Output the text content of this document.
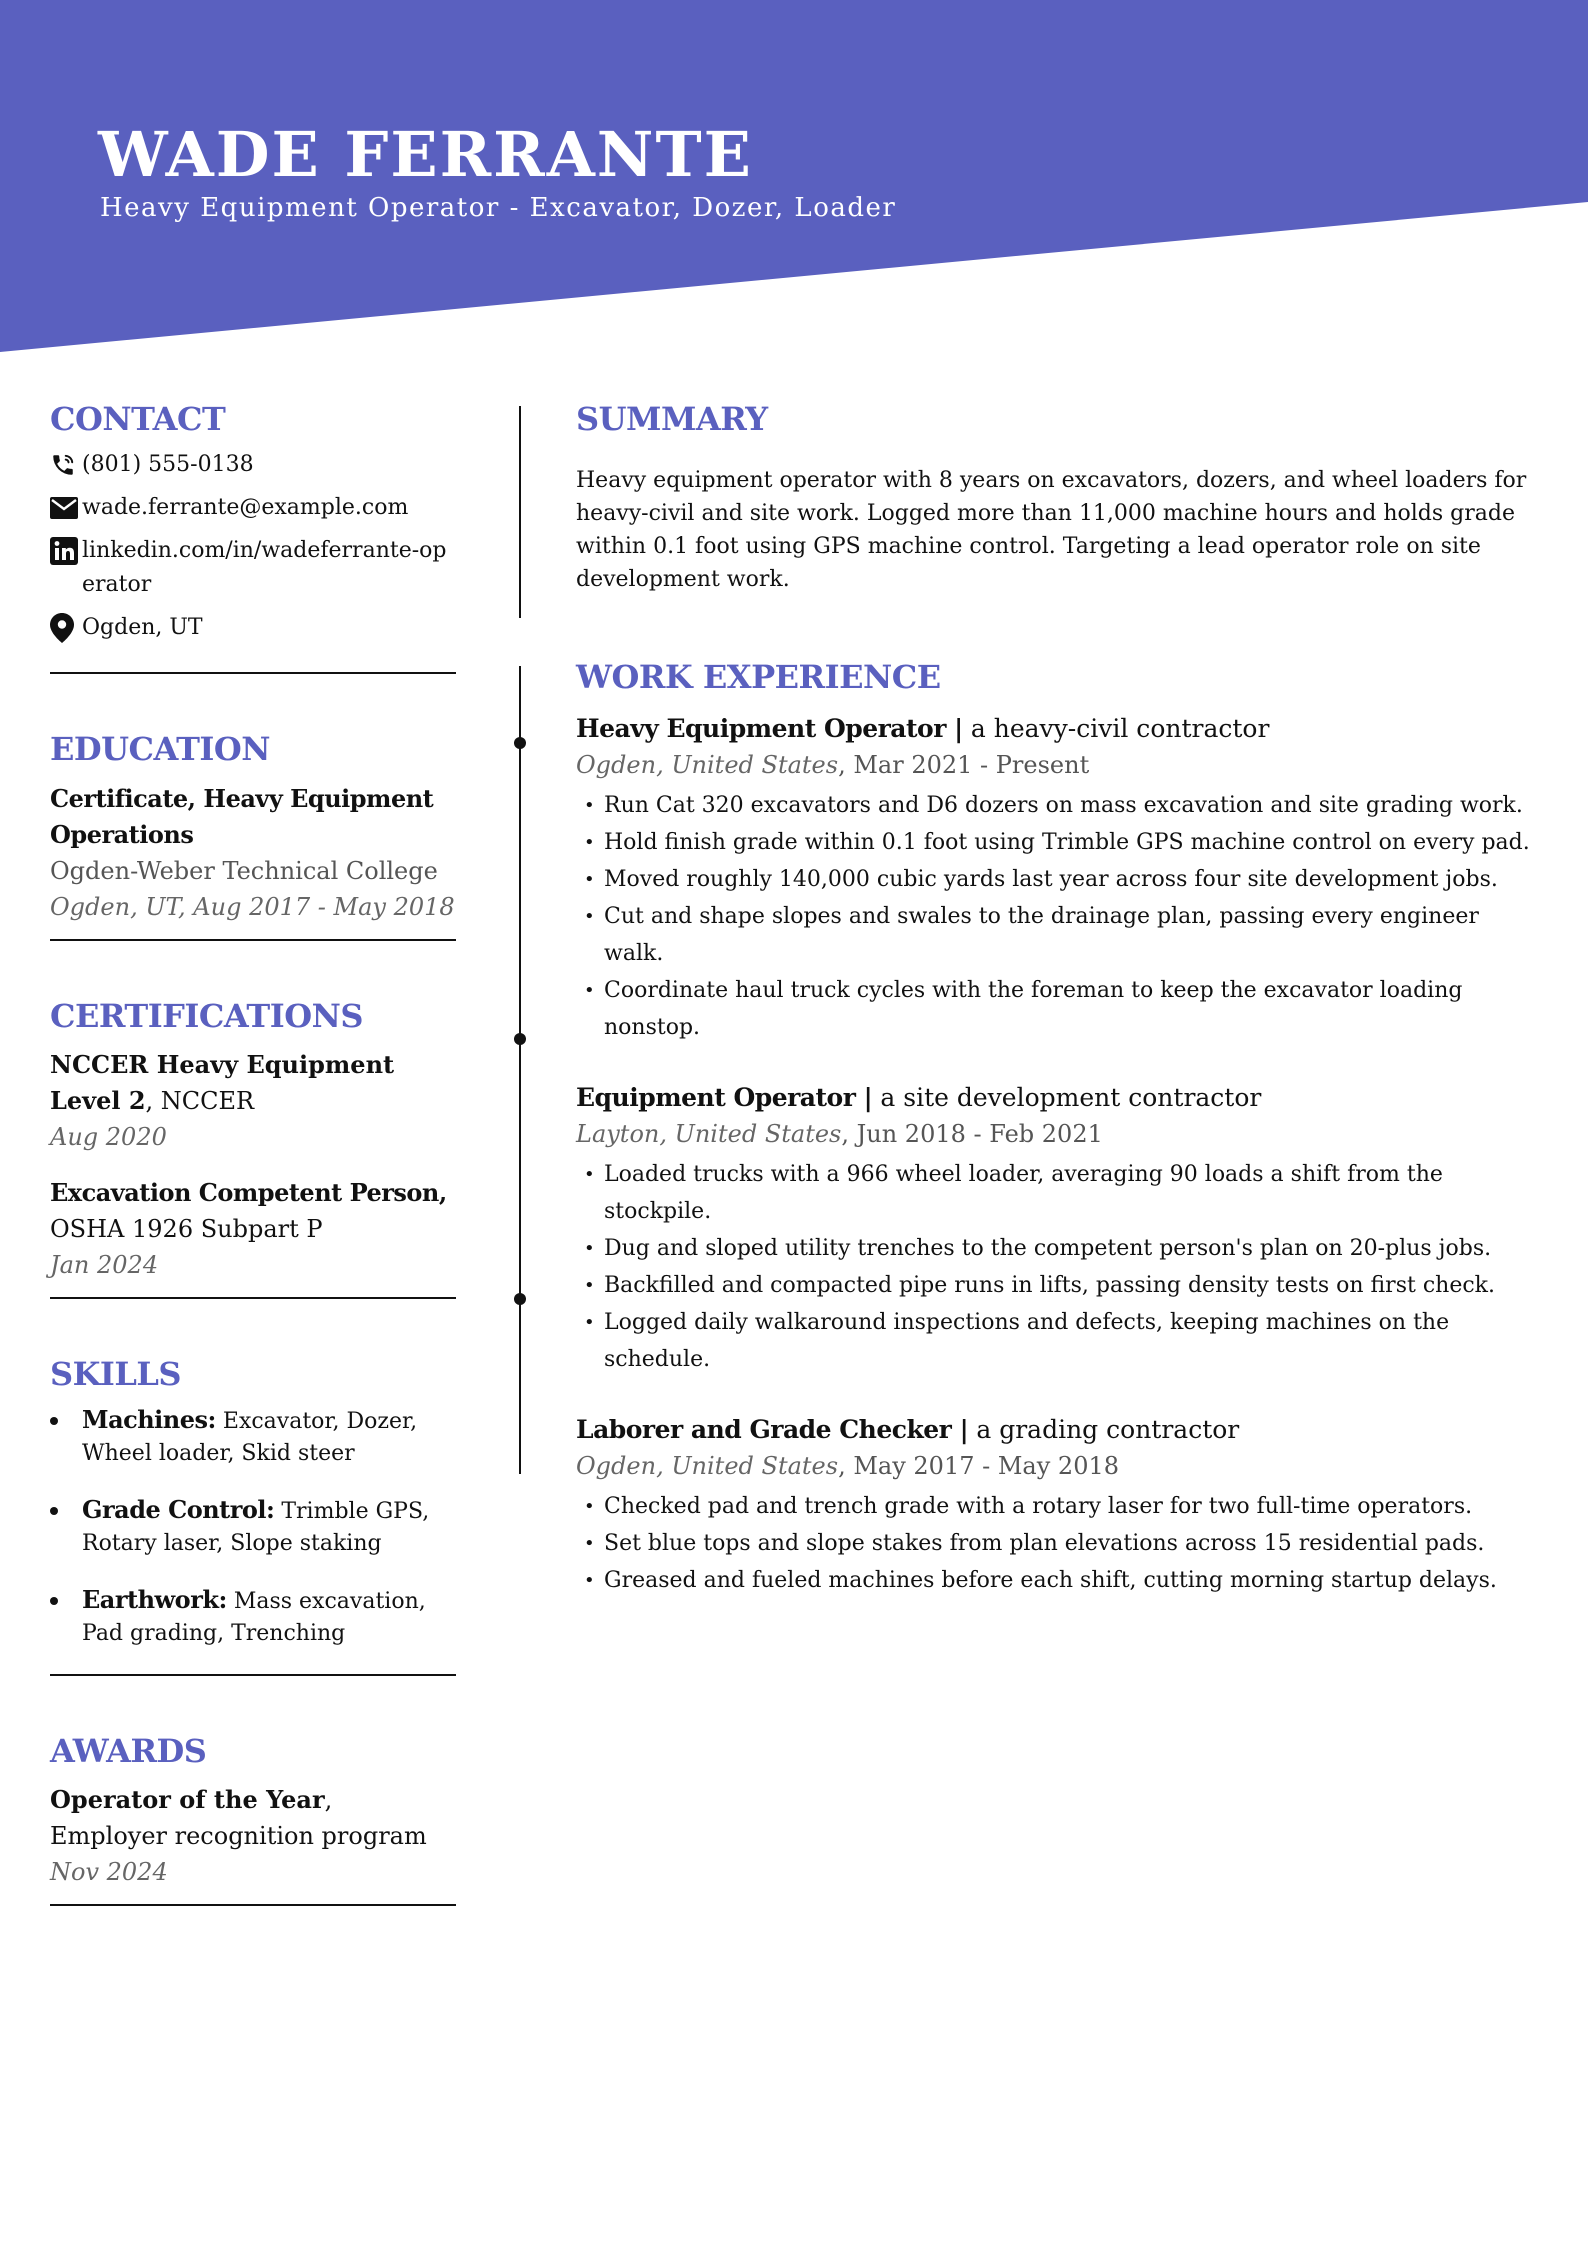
WADE FERRANTE
Heavy Equipment Operator - Excavator, Dozer, Loader
CONTACT
(801) 555-0138
wade.ferrante@example.com
linkedin.com/in/wadeferrante-operator
Ogden, UT
EDUCATION
Certificate, Heavy Equipment Operations
Ogden-Weber Technical College
Ogden, UT, Aug 2017 - May 2018
CERTIFICATIONS
NCCER Heavy Equipment Level 2, NCCER
Aug 2020
Excavation Competent Person,
OSHA 1926 Subpart P
Jan 2024
SKILLS
Machines: Excavator, Dozer, Wheel loader, Skid steer
Grade Control: Trimble GPS, Rotary laser, Slope staking
Earthwork: Mass excavation, Pad grading, Trenching
AWARDS
Operator of the Year, Employer recognition program
Nov 2024
SUMMARY
Heavy equipment operator with 8 years on excavators, dozers, and wheel loaders for heavy-civil and site work. Logged more than 11,000 machine hours and holds grade within 0.1 foot using GPS machine control. Targeting a lead operator role on site development work.
WORK EXPERIENCE
Heavy Equipment Operator | a heavy-civil contractor
Ogden, United States, Mar 2021 - Present
• Run Cat 320 excavators and D6 dozers on mass excavation and site grading work.
• Hold finish grade within 0.1 foot using Trimble GPS machine control on every pad.
• Moved roughly 140,000 cubic yards last year across four site development jobs.
• Cut and shape slopes and swales to the drainage plan, passing every engineer walk.
• Coordinate haul truck cycles with the foreman to keep the excavator loading nonstop.
Equipment Operator | a site development contractor
Layton, United States, Jun 2018 - Feb 2021
• Loaded trucks with a 966 wheel loader, averaging 90 loads a shift from the stockpile.
• Dug and sloped utility trenches to the competent person's plan on 20-plus jobs.
• Backfilled and compacted pipe runs in lifts, passing density tests on first check.
• Logged daily walkaround inspections and defects, keeping machines on the schedule.
Laborer and Grade Checker | a grading contractor
Ogden, United States, May 2017 - May 2018
• Checked pad and trench grade with a rotary laser for two full-time operators.
• Set blue tops and slope stakes from plan elevations across 15 residential pads.
• Greased and fueled machines before each shift, cutting morning startup delays.
